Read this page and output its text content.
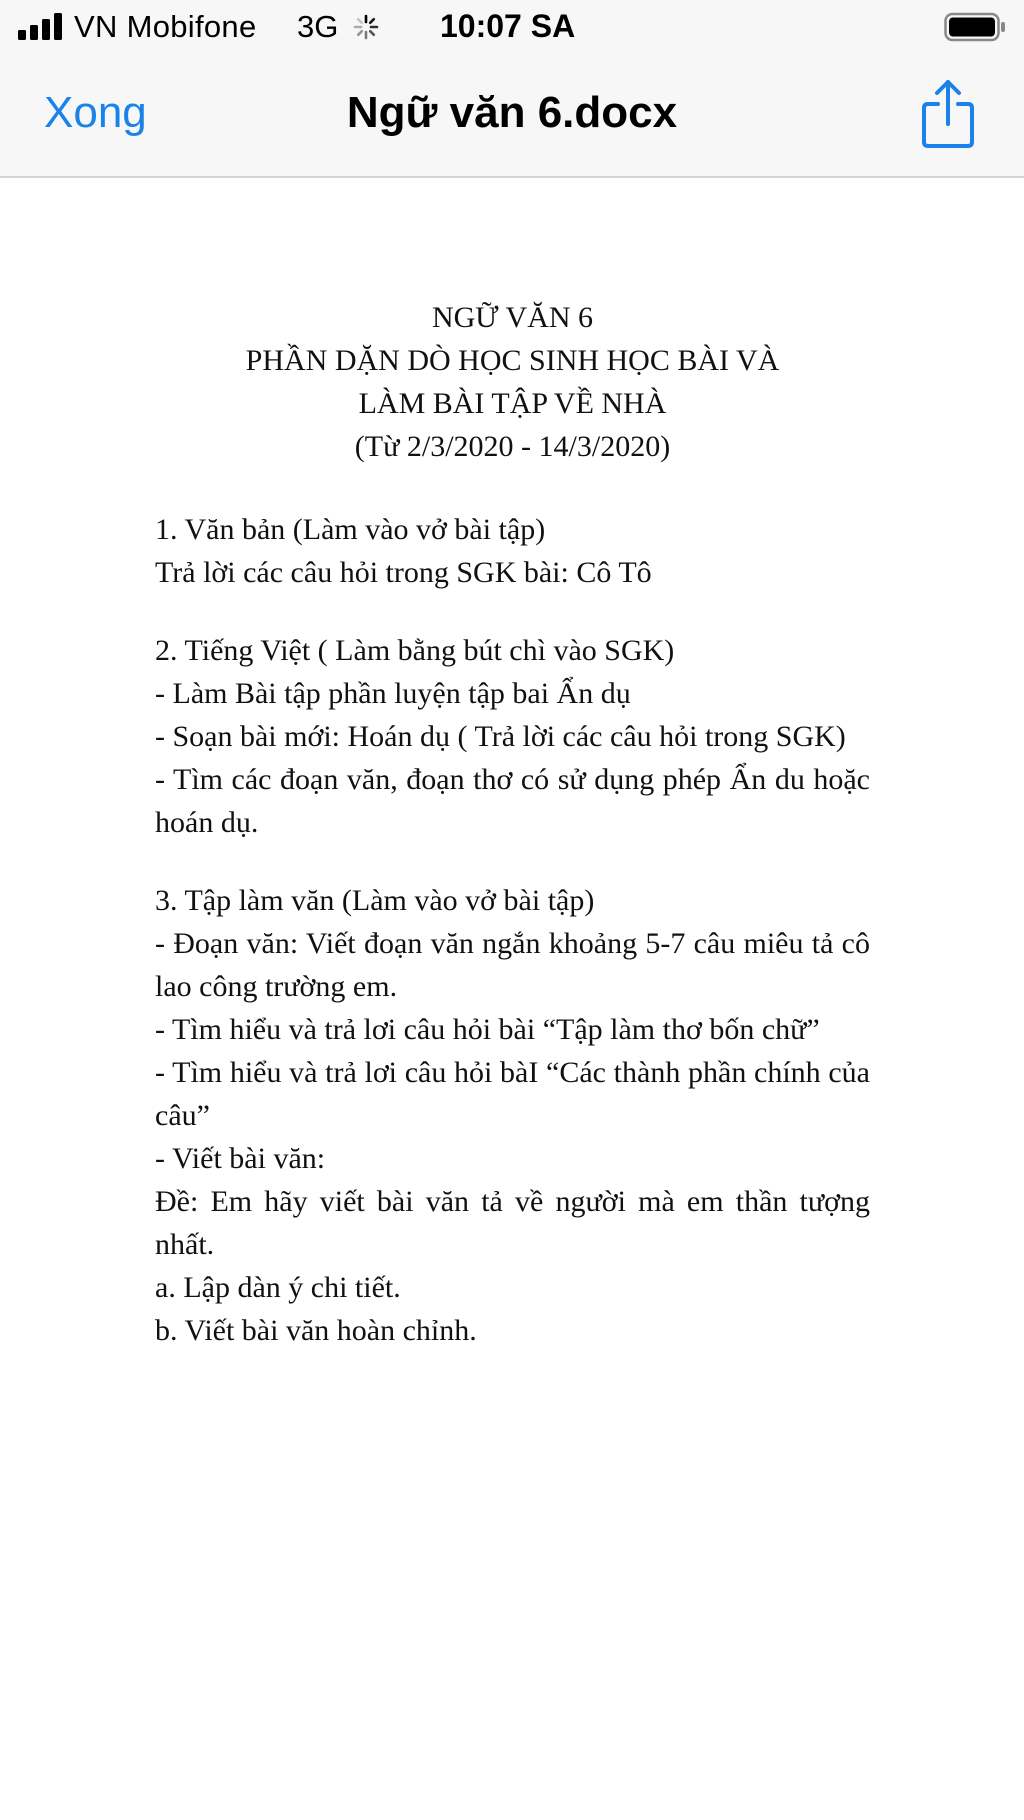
VN Mobifone 3G	10:07 SA
Xong	Ngữ văn 6.docx
NGỮ VĂN 6
PHẦN DẶN DÒ HỌC SINH HỌC BÀI VÀ
LÀM BÀI TẬP VỀ NHÀ
(Từ 2/3/2020 - 14/3/2020)
1. Văn bản (Làm vào vở bài tập)
Trả lời các câu hỏi trong SGK bài: Cô Tô
2. Tiếng Việt ( Làm bằng bút chì vào SGK)
- Làm Bài tập phần luyện tập bai Ẩn dụ
- Soạn bài mới: Hoán dụ ( Trả lời các câu hỏi trong SGK)
- Tìm các đoạn văn, đoạn thơ có sử dụng phép Ẩn du hoặc hoán dụ.
3. Tập làm văn (Làm vào vở bài tập)
- Đoạn văn: Viết đoạn văn ngắn khoảng 5-7 câu miêu tả cô lao công trường em.
- Tìm hiểu và trả lơi câu hỏi bài “Tập làm thơ bốn chữ”
- Tìm hiểu và trả lơi câu hỏi bàI “Các thành phần chính của câu”
- Viết bài văn:
Đề: Em hãy viết bài văn tả về người mà em thần tượng nhất.
a. Lập dàn ý chi tiết.
b. Viết bài văn hoàn chỉnh.
